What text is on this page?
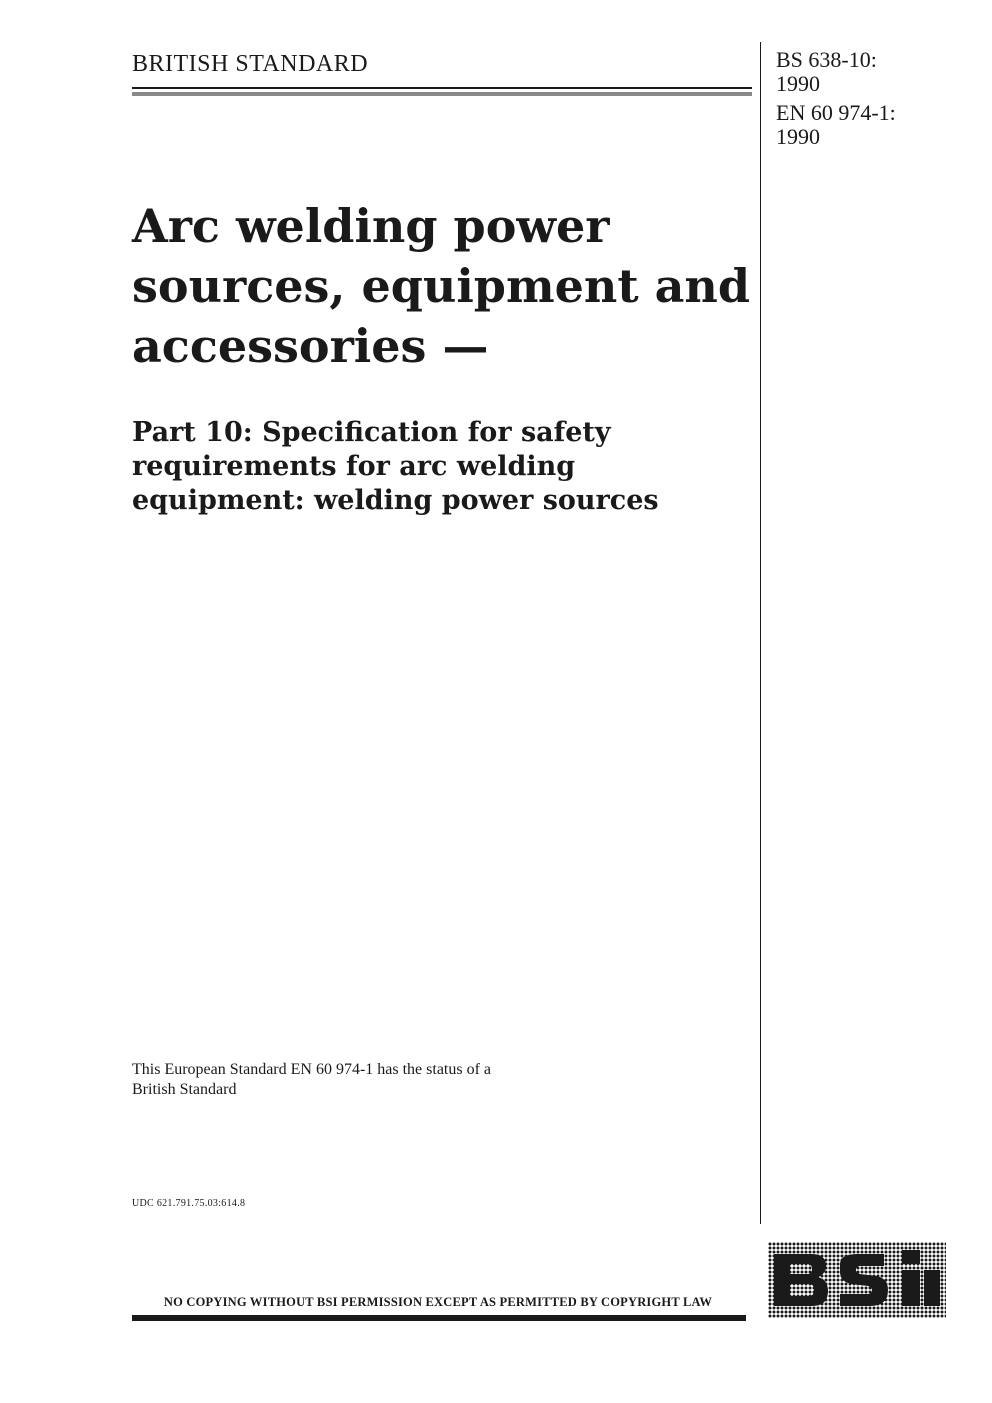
BRITISH STANDARD	BS 638-10:
1990
EN 60 974-1:
1990
Arc welding power
sources, equipment and
accessories —
Part 10: Specification for safety
requirements for arc welding
equipment: welding power sources
This European Standard EN 60 974-1 has the status of a
British Standard
UDC 621.791.75.03:614.8
NO COPYING WITHOUT BSI PERMISSION EXCEPT AS PERMITTED BY COPYRIGHT LAW
